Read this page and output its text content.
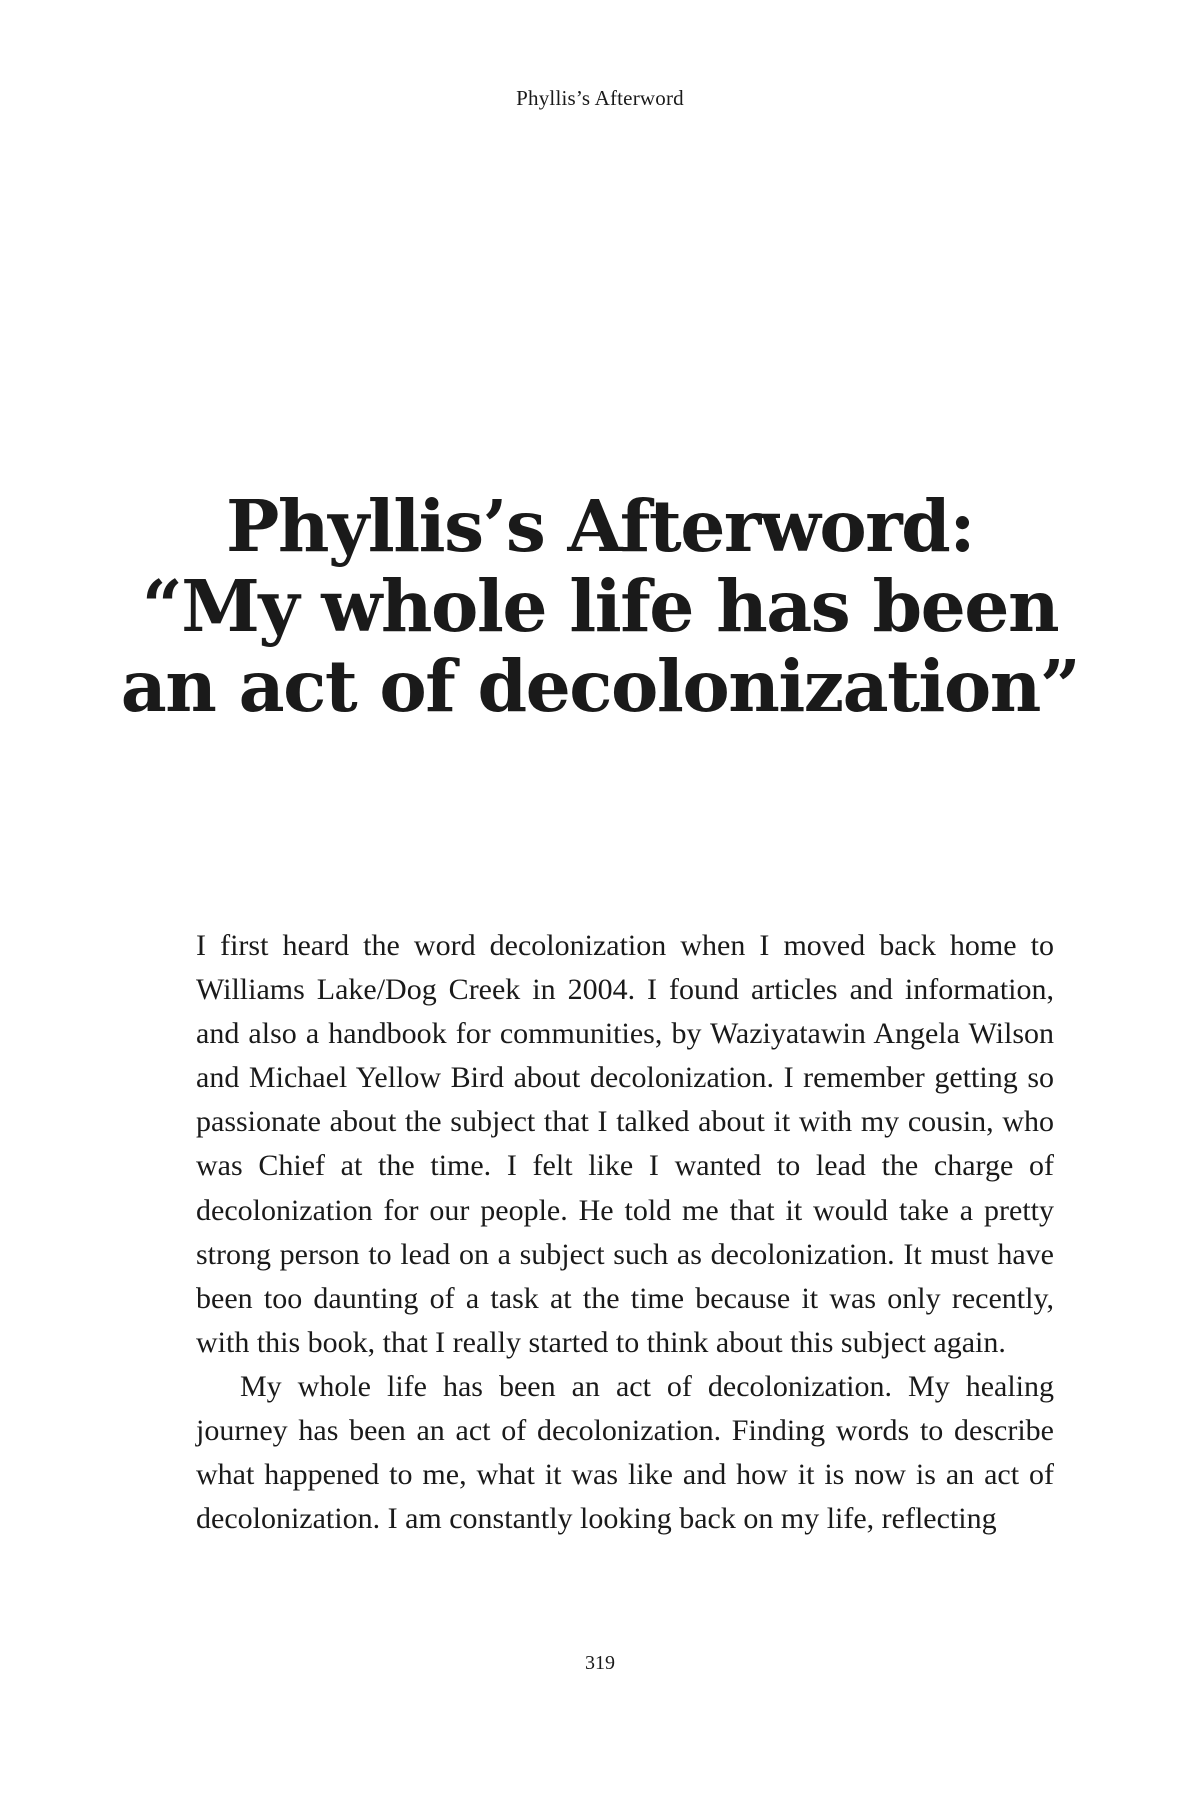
Phyllis’s Afterword
Phyllis’s Afterword:
“My whole life has been
an act of decolonization”

I first heard the word decolonization when I moved back home to Williams Lake/Dog Creek in 2004. I found articles and information, and also a handbook for communities, by Waziyatawin Angela Wilson and Michael Yellow Bird about decolonization. I remember getting so passionate about the subject that I talked about it with my cousin, who was Chief at the time. I felt like I wanted to lead the charge of decolonization for our people. He told me that it would take a pretty strong person to lead on a subject such as decolonization. It must have been too daunting of a task at the time because it was only recently, with this book, that I really started to think about this subject again.

My whole life has been an act of decolonization. My healing journey has been an act of decolonization. Finding words to describe what happened to me, what it was like and how it is now is an act of decolonization. I am constantly looking back on my life, reflecting

319
